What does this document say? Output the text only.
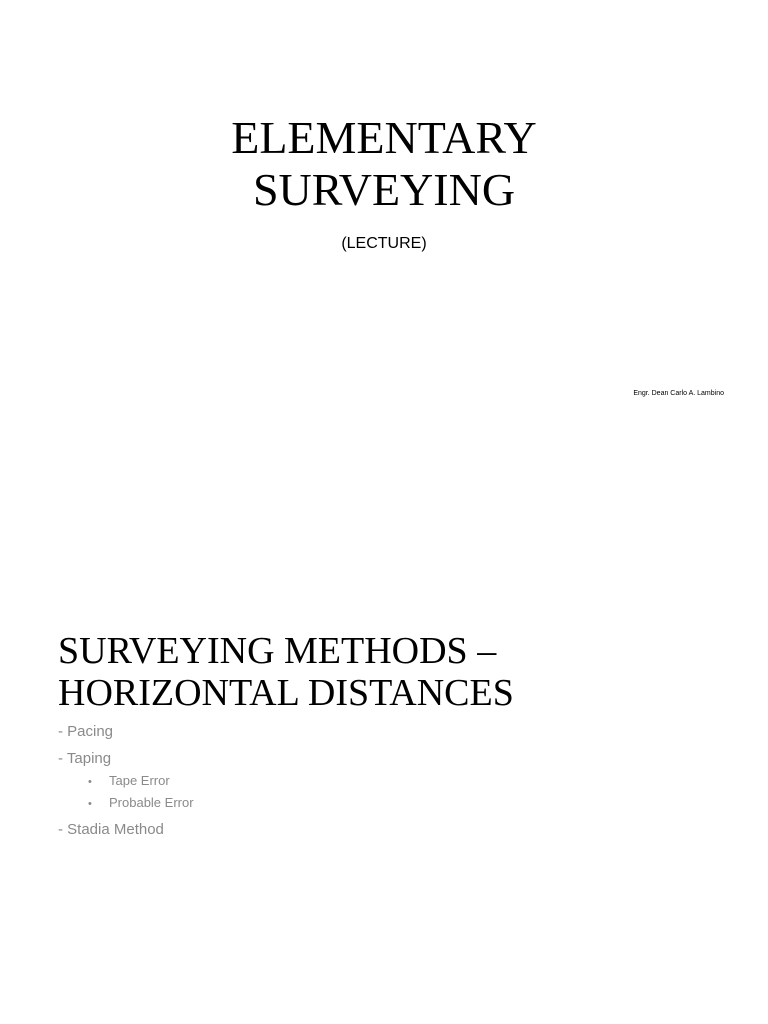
ELEMENTARY
SURVEYING
(LECTURE)
Engr. Dean Carlo A. Lambino
SURVEYING METHODS –
HORIZONTAL DISTANCES
- Pacing
- Taping
• Tape Error
• Probable Error
- Stadia Method
